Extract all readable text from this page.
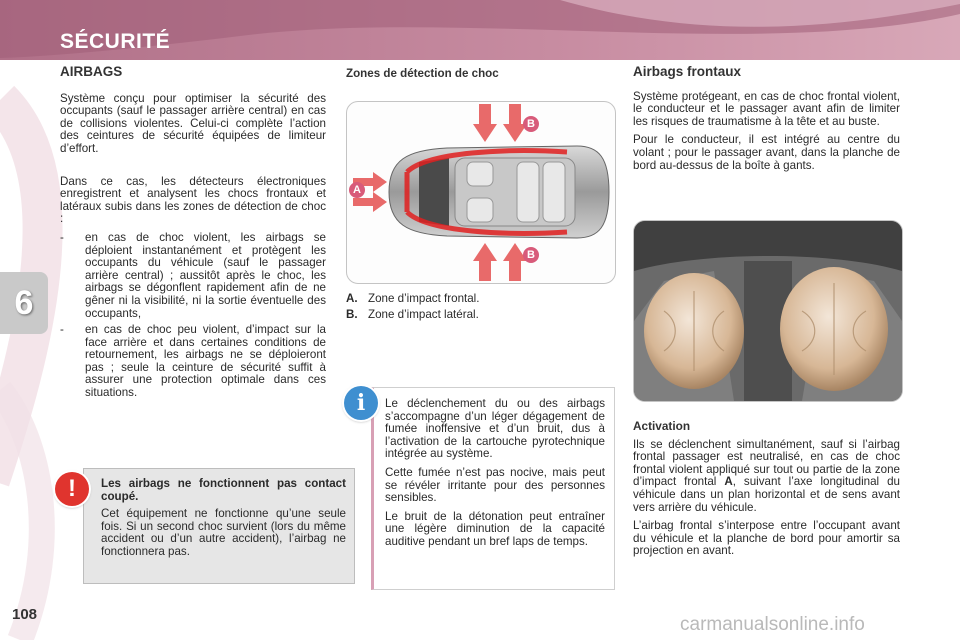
SÉCURITÉ
6
AIRBAGS

Système conçu pour optimiser la sécurité des occupants (sauf le passager arrière central) en cas de collisions violentes. Celui-ci complète l’action des ceintures de sécurité équipées de limiteur d’effort.

Dans ce cas, les détecteurs électroniques enregistrent et analysent les chocs frontaux et latéraux subis dans les zones de détection de choc :

- en cas de choc violent, les airbags se déploient instantanément et protègent les occupants du véhicule (sauf le passager arrière central) ; aussitôt après le choc, les airbags se dégonflent rapidement afin de ne gêner ni la visibilité, ni la sortie éventuelle des occupants,
- en cas de choc peu violent, d’impact sur la face arrière et dans certaines conditions de retournement, les airbags ne se déploieront pas ; seule la ceinture de sécurité suffit à assurer une protection optimale dans ces situations.

Les airbags ne fonctionnent pas contact coupé.

Cet équipement ne fonctionne qu’une seule fois. Si un second choc survient (lors du même accident ou d’un autre accident), l’airbag ne fonctionnera pas.

!
Zones de détection de choc
B
A
B
A. Zone d’impact frontal.
B. Zone d’impact latéral.

Le déclenchement du ou des airbags s’accompagne d’un léger dégagement de fumée inoffensive et d’un bruit, dus à l’activation de la cartouche pyrotechnique intégrée au système.

Cette fumée n’est pas nocive, mais peut se révéler irritante pour des personnes sensibles.

Le bruit de la détonation peut entraîner une légère diminution de la capacité auditive pendant un bref laps de temps.

i
Airbags frontaux

Système protégeant, en cas de choc frontal violent, le conducteur et le passager avant afin de limiter les risques de traumatisme à la tête et au buste.

Pour le conducteur, il est intégré au centre du volant ; pour le passager avant, dans la planche de bord au-dessus de la boîte à gants.

Activation

Ils se déclenchent simultanément, sauf si l’airbag frontal passager est neutralisé, en cas de choc frontal violent appliqué sur tout ou partie de la zone d’impact frontal A, suivant l’axe longitudinal du véhicule dans un plan horizontal et de sens avant vers arrière du véhicule.

L’airbag frontal s’interpose entre l’occupant avant du véhicule et la planche de bord pour amortir sa projection en avant.

108	carmanualsonline.info
